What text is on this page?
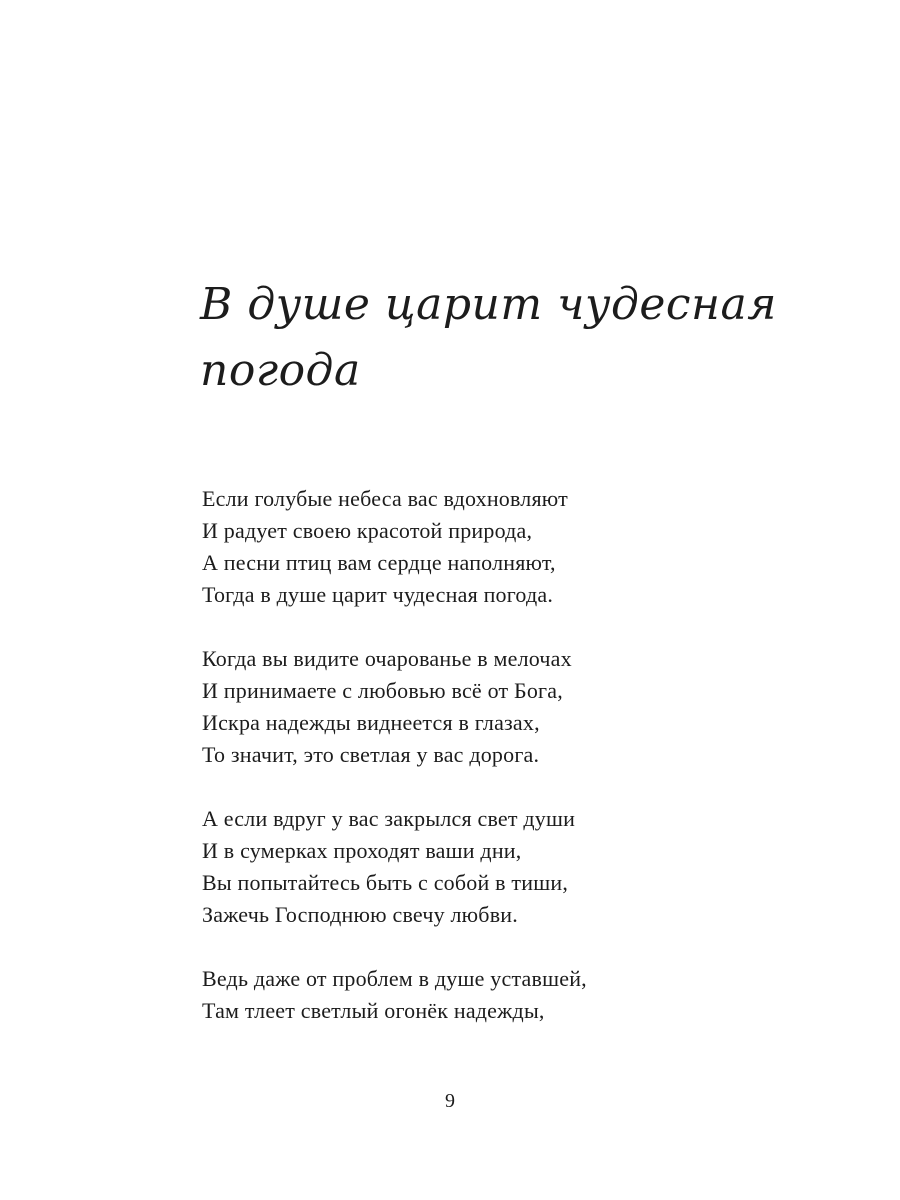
В душе царит чудесная
погода
Если голубые небеса вас вдохновляют
И радует своею красотой природа,
А песни птиц вам сердце наполняют,
Тогда в душе царит чудесная погода.
Когда вы видите очарованье в мелочах
И принимаете с любовью всё от Бога,
Искра надежды виднеется в глазах,
То значит, это светлая у вас дорога.
А если вдруг у вас закрылся свет души
И в сумерках проходят ваши дни,
Вы попытайтесь быть с собой в тиши,
Зажечь Господнюю свечу любви.
Ведь даже от проблем в душе уставшей,
Там тлеет светлый огонёк надежды,
9
